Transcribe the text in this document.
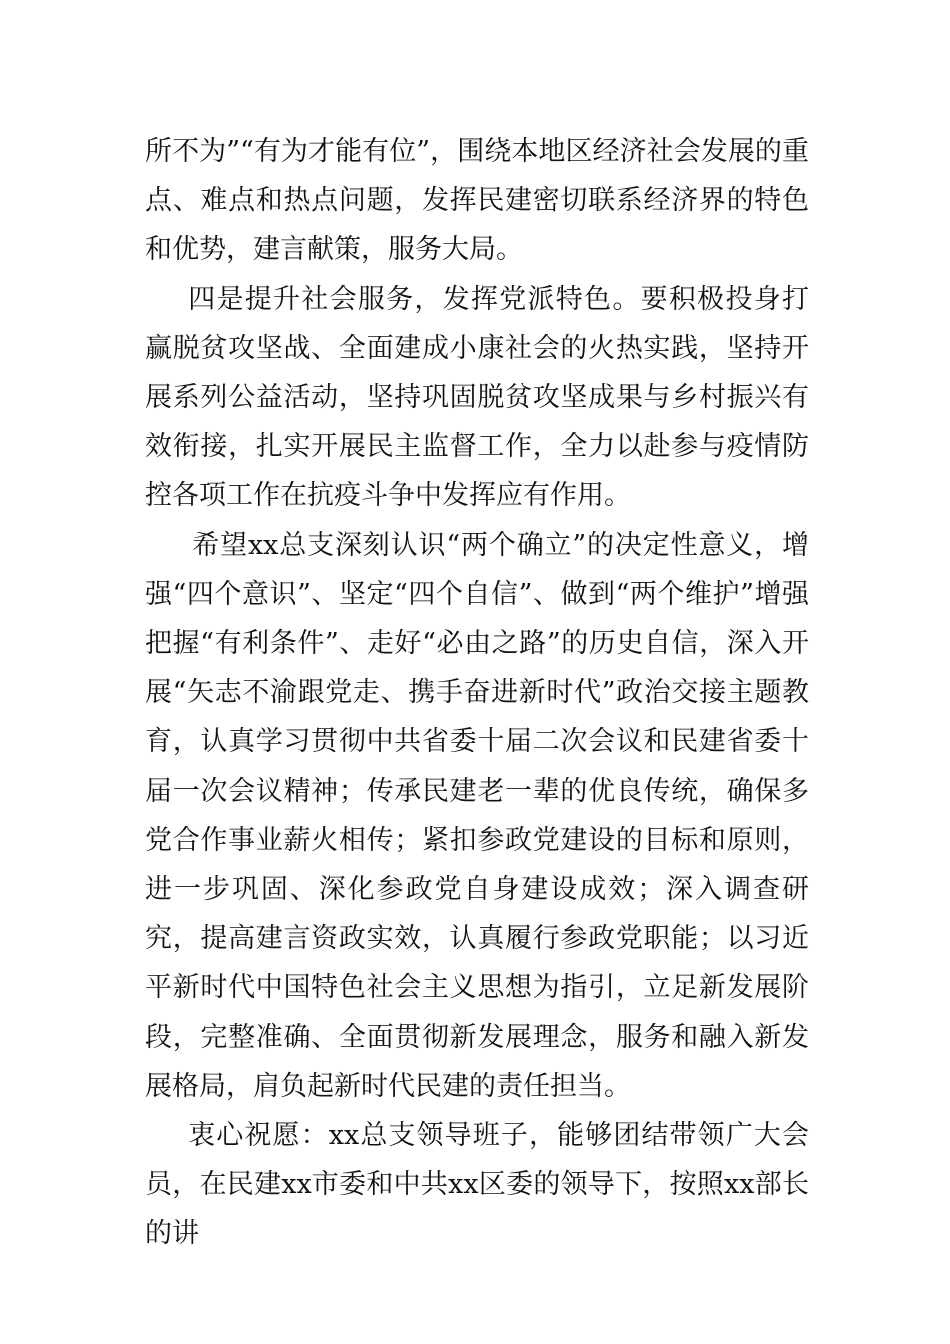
所不为”“有为才能有位”，围绕本地区经济社会发展的重点、难点和热点问题，发挥民建密切联系经济界的特色和优势，建言献策，服务大局。

四是提升社会服务，发挥党派特色。要积极投身打赢脱贫攻坚战、全面建成小康社会的火热实践，坚持开展系列公益活动，坚持巩固脱贫攻坚成果与乡村振兴有效衔接，扎实开展民主监督工作，全力以赴参与疫情防控各项工作在抗疫斗争中发挥应有作用。

希望xx总支深刻认识“两个确立”的决定性意义，增强“四个意识”、坚定“四个自信”、做到“两个维护”增强把握“有利条件”、走好“必由之路”的历史自信，深入开展“矢志不渝跟党走、携手奋进新时代”政治交接主题教育，认真学习贯彻中共省委十届二次会议和民建省委十届一次会议精神；传承民建老一辈的优良传统，确保多党合作事业薪火相传；紧扣参政党建设的目标和原则，进一步巩固、深化参政党自身建设成效；深入调查研究，提高建言资政实效，认真履行参政党职能；以习近平新时代中国特色社会主义思想为指引，立足新发展阶段，完整准确、全面贯彻新发展理念，服务和融入新发展格局，肩负起新时代民建的责任担当。

衷心祝愿：xx总支领导班子，能够团结带领广大会员，在民建xx市委和中共xx区委的领导下，按照xx部长的讲
